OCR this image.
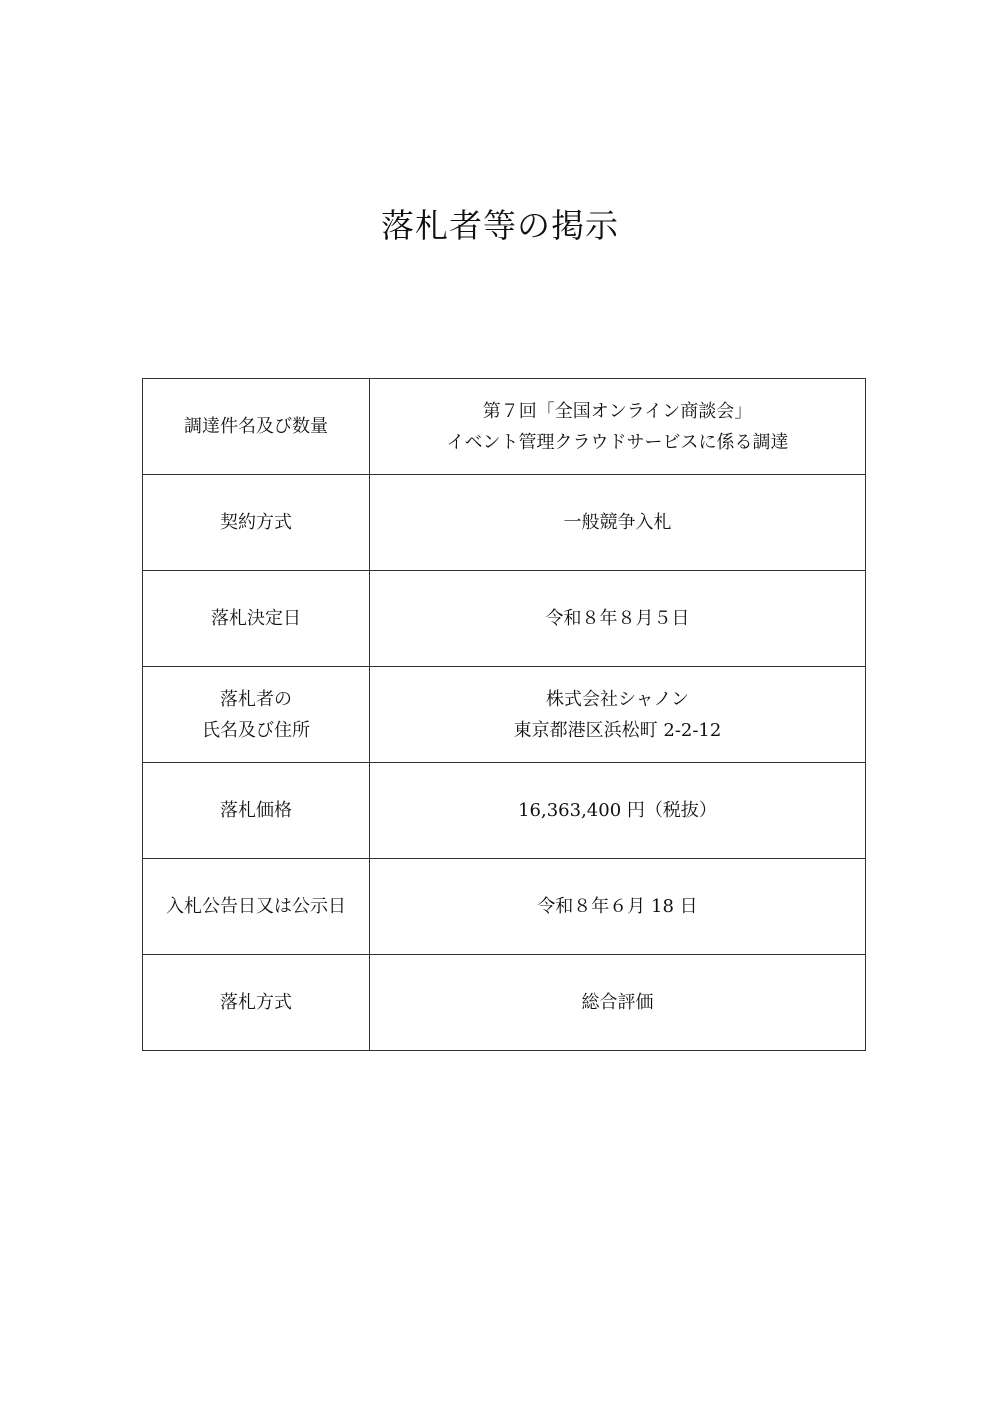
落札者等の掲示
調達件名及び数量	第７回「全国オンライン商談会」
イベント管理クラウドサービスに係る調達

契約方式	一般競争入札

落札決定日	令和８年８月５日

落札者の
氏名及び住所	株式会社シャノン
東京都港区浜松町 2-2-12

落札価格	16,363,400 円（税抜）

入札公告日又は公示日	令和８年６月 18 日

落札方式	総合評価
